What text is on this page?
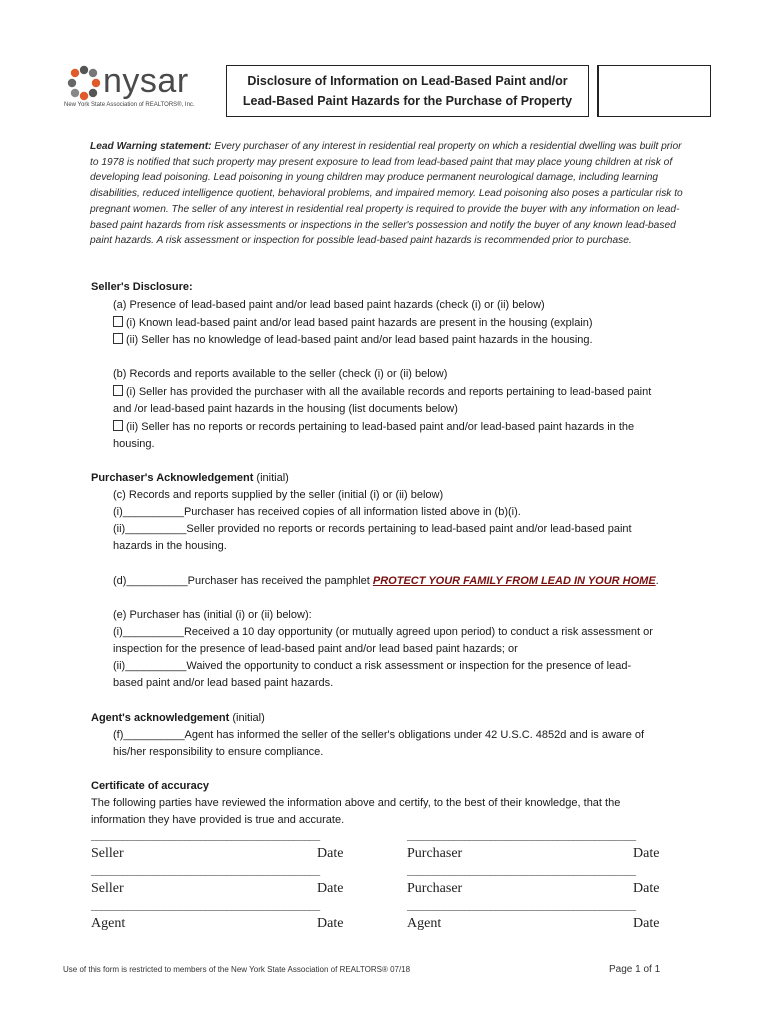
nysar
New York State Association of REALTORS®, Inc.
Disclosure of Information on Lead-Based Paint and/or
Lead-Based Paint Hazards for the Purchase of Property
Lead Warning statement: Every purchaser of any interest in residential real property on which a residential dwelling was built prior to 1978 is notified that such property may present exposure to lead from lead-based paint that may place young children at risk of developing lead poisoning. Lead poisoning in young children may produce permanent neurological damage, including learning disabilities, reduced intelligence quotient, behavioral problems, and impaired memory. Lead poisoning also poses a particular risk to pregnant women. The seller of any interest in residential real property is required to provide the buyer with any information on lead-based paint hazards from risk assessments or inspections in the seller's possession and notify the buyer of any known lead-based paint hazards. A risk assessment or inspection for possible lead-based paint hazards is recommended prior to purchase.
Seller's Disclosure:
(a) Presence of lead-based paint and/or lead based paint hazards (check (i) or (ii) below)
(i) Known lead-based paint and/or lead based paint hazards are present in the housing (explain)
(ii) Seller has no knowledge of lead-based paint and/or lead based paint hazards in the housing.
(b) Records and reports available to the seller (check (i) or (ii) below)
(i) Seller has provided the purchaser with all the available records and reports pertaining to lead-based paint
and /or lead-based paint hazards in the housing (list documents below)
(ii) Seller has no reports or records pertaining to lead-based paint and/or lead-based paint hazards in the
housing.
Purchaser's Acknowledgement (initial)
(c) Records and reports supplied by the seller (initial (i) or (ii) below)
(i)__________Purchaser has received copies of all information listed above in (b)(i).
(ii)__________Seller provided no reports or records pertaining to lead-based paint and/or lead-based paint
hazards in the housing.
(d)__________Purchaser has received the pamphlet PROTECT YOUR FAMILY FROM LEAD IN YOUR HOME.
(e) Purchaser has (initial (i) or (ii) below):
(i)__________Received a 10 day opportunity (or mutually agreed upon period) to conduct a risk assessment or
inspection for the presence of lead-based paint and/or lead based paint hazards; or
(ii)__________Waived the opportunity to conduct a risk assessment or inspection for the presence of lead-
based paint and/or lead based paint hazards.
Agent's acknowledgement (initial)
(f)__________Agent has informed the seller of the seller's obligations under 42 U.S.C. 4852d and is aware of
his/her responsibility to ensure compliance.
Certificate of accuracy
The following parties have reviewed the information above and certify, to the best of their knowledge, that the
information they have provided is true and accurate.
____________________________________________	____________________________________________
Seller	Date	Purchaser	Date
____________________________________________	____________________________________________
Seller	Date	Purchaser	Date
____________________________________________	____________________________________________
Agent	Date	Agent	Date
Use of this form is restricted to members of the New York State Association of REALTORS® 07/18	Page 1 of 1
